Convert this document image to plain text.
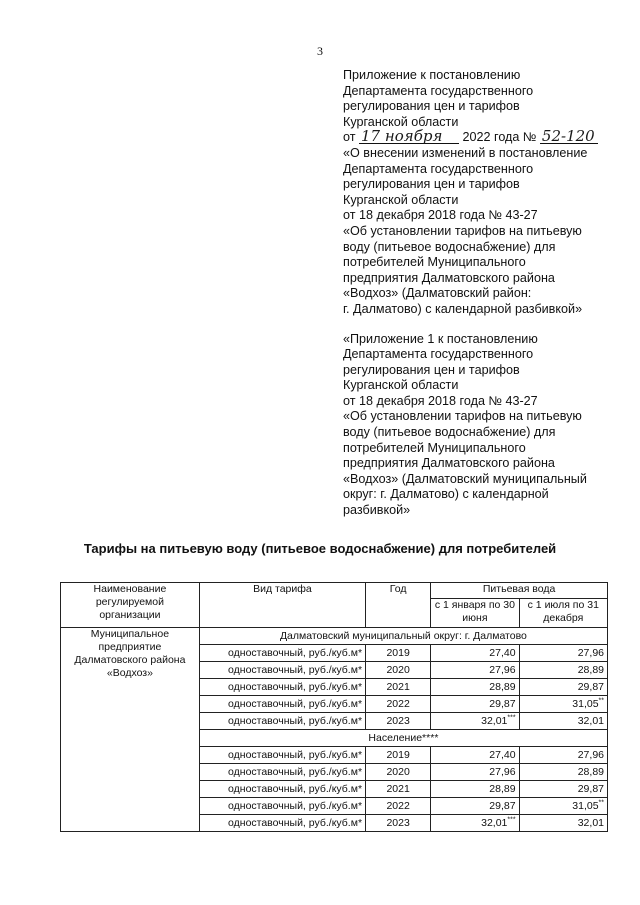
3

Приложение к постановлению

Департамента государственного

регулирования цен и тарифов

Курганской области

от 17 ноября 2022 года № 52-120

«О внесении изменений в постановление

Департамента государственного

регулирования цен и тарифов

Курганской области

от 18 декабря 2018 года № 43-27

«Об установлении тарифов на питьевую

воду (питьевое водоснабжение) для

потребителей Муниципального

предприятия Далматовского района

«Водхоз» (Далматовский район:

г. Далматово) с календарной разбивкой»

«Приложение 1 к постановлению

Департамента государственного

регулирования цен и тарифов

Курганской области

от 18 декабря 2018 года № 43-27

«Об установлении тарифов на питьевую

воду (питьевое водоснабжение) для

потребителей Муниципального

предприятия Далматовского района

«Водхоз» (Далматовский муниципальный

округ: г. Далматово) с календарной

разбивкой»

Тарифы на питьевую воду (питьевое водоснабжение) для потребителей
Наименование регулируемой организации	Вид тарифа	Год	Питьевая вода	
			с 1 января по 30 июня	с 1 июля по 31 декабря
Муниципальное предприятие Далматовского района «Водхоз»	Далматовский муниципальный округ: г. Далматово			
	одноставочный, руб./куб.м*	2019	27,40	27,96
	одноставочный, руб./куб.м*	2020	27,96	28,89
	одноставочный, руб./куб.м*	2021	28,89	29,87
	одноставочный, руб./куб.м*	2022	29,87	31,05**
	одноставочный, руб./куб.м*	2023	32,01***	32,01
	Население****			
	одноставочный, руб./куб.м*	2019	27,40	27,96
	одноставочный, руб./куб.м*	2020	27,96	28,89
	одноставочный, руб./куб.м*	2021	28,89	29,87
	одноставочный, руб./куб.м*	2022	29,87	31,05**
	одноставочный, руб./куб.м*	2023	32,01***	32,01
